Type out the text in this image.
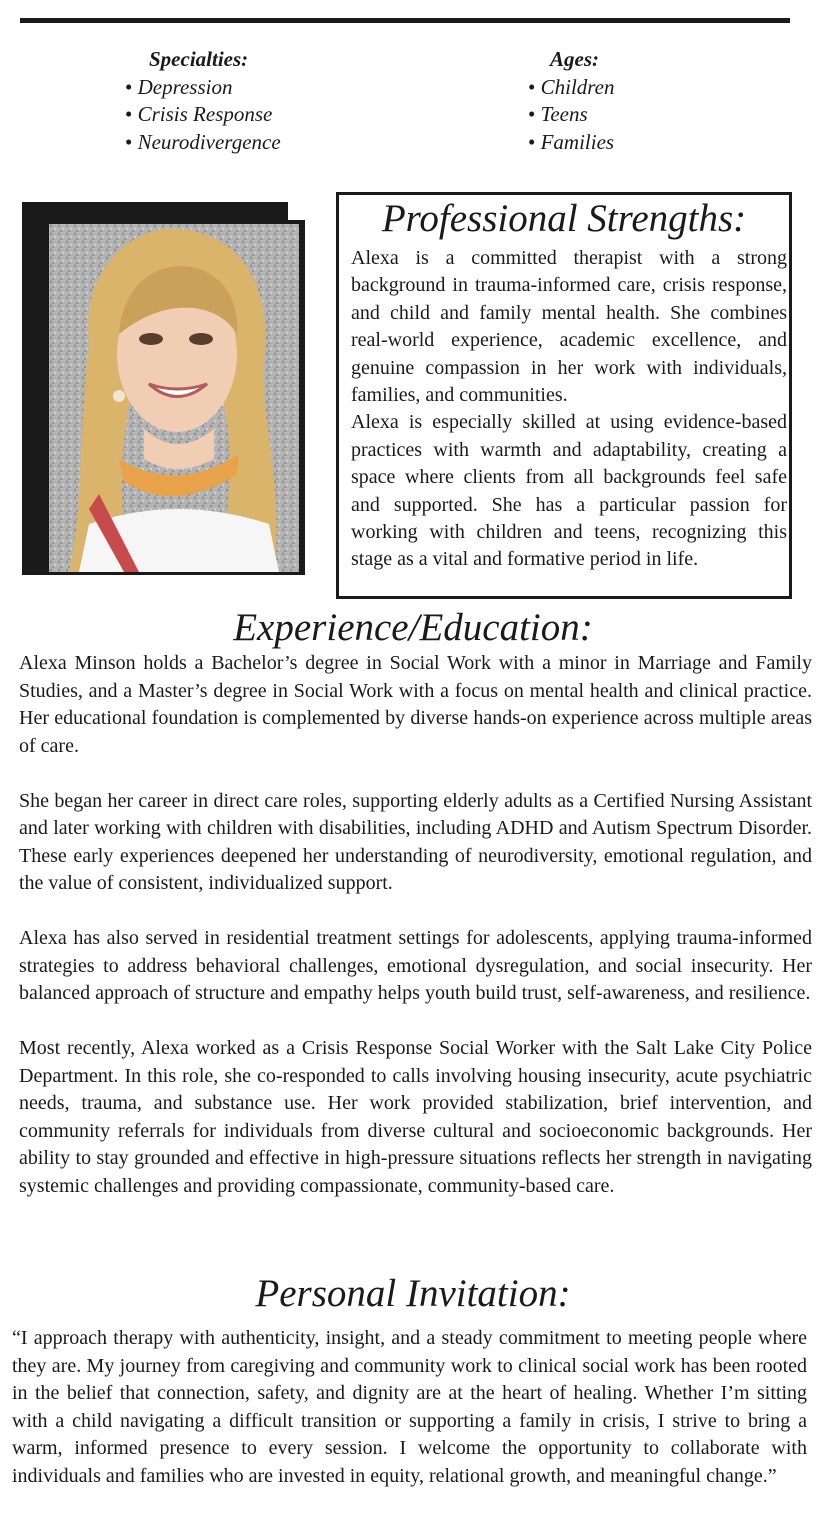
Specialties:
• Depression
• Crisis Response
• Neurodivergence
Ages:
• Children
• Teens
• Families
Professional Strengths:

Alexa is a committed therapist with a strong background in trauma-informed care, crisis response, and child and family mental health. She combines real-world experience, academic excellence, and genuine compassion in her work with individuals, families, and communities.

Alexa is especially skilled at using evidence-based practices with warmth and adaptability, creating a space where clients from all backgrounds feel safe and supported. She has a particular passion for working with children and teens, recognizing this stage as a vital and formative period in life.

Experience/Education:

Alexa Minson holds a Bachelor’s degree in Social Work with a minor in Marriage and Family Studies, and a Master’s degree in Social Work with a focus on mental health and clinical practice. Her educational foundation is complemented by diverse hands-on experience across multiple areas of care.

She began her career in direct care roles, supporting elderly adults as a Certified Nursing Assistant and later working with children with disabilities, including ADHD and Autism Spectrum Disorder. These early experiences deepened her understanding of neurodiversity, emotional regulation, and the value of consistent, individualized support.

Alexa has also served in residential treatment settings for adolescents, applying trauma-informed strategies to address behavioral challenges, emotional dysregulation, and social insecurity. Her balanced approach of structure and empathy helps youth build trust, self-awareness, and resilience.

Most recently, Alexa worked as a Crisis Response Social Worker with the Salt Lake City Police Department. In this role, she co-responded to calls involving housing insecurity, acute psychiatric needs, trauma, and substance use. Her work provided stabilization, brief intervention, and community referrals for individuals from diverse cultural and socioeconomic backgrounds. Her ability to stay grounded and effective in high-pressure situations reflects her strength in navigating systemic challenges and providing compassionate, community-based care.

Personal Invitation:

“I approach therapy with authenticity, insight, and a steady commitment to meeting people where they are. My journey from caregiving and community work to clinical social work has been rooted in the belief that connection, safety, and dignity are at the heart of healing. Whether I’m sitting with a child navigating a difficult transition or supporting a family in crisis, I strive to bring a warm, informed presence to every session. I welcome the opportunity to collaborate with individuals and families who are invested in equity, relational growth, and meaningful change.”
